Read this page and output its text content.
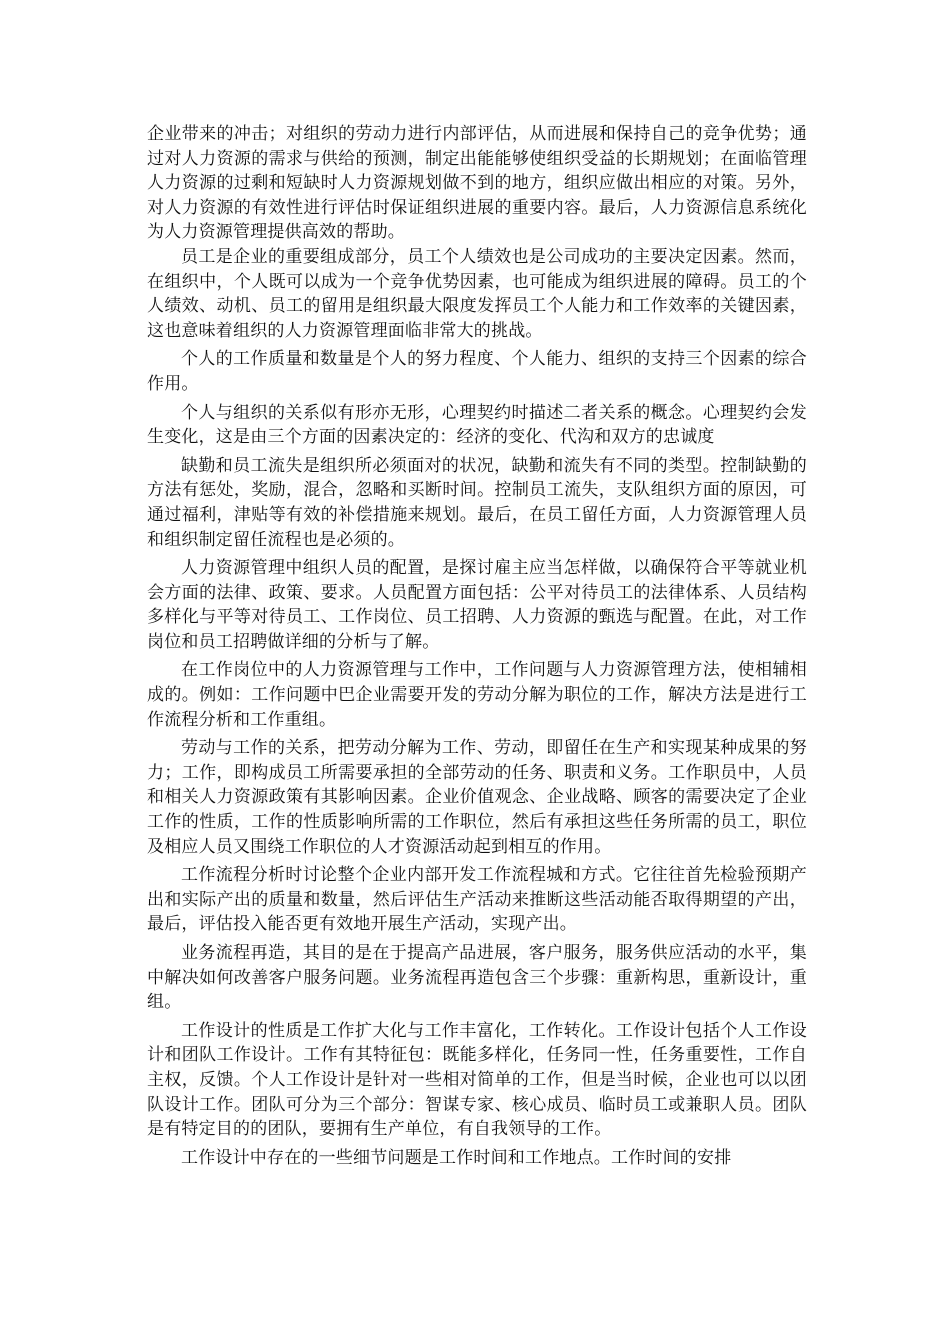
企业带来的冲击；对组织的劳动力进行内部评估，从而进展和保持自己的竞争优势；通过对人力资源的需求与供给的预测，制定出能能够使组织受益的长期规划；在面临管理人力资源的过剩和短缺时人力资源规划做不到的地方，组织应做出相应的对策。另外，对人力资源的有效性进行评估时保证组织进展的重要内容。最后，人力资源信息系统化为人力资源管理提供高效的帮助。

员工是企业的重要组成部分，员工个人绩效也是公司成功的主要决定因素。然而，在组织中，个人既可以成为一个竞争优势因素，也可能成为组织进展的障碍。员工的个人绩效、动机、员工的留用是组织最大限度发挥员工个人能力和工作效率的关键因素，这也意味着组织的人力资源管理面临非常大的挑战。

个人的工作质量和数量是个人的努力程度、个人能力、组织的支持三个因素的综合作用。

个人与组织的关系似有形亦无形，心理契约时描述二者关系的概念。心理契约会发生变化，这是由三个方面的因素决定的：经济的变化、代沟和双方的忠诚度

缺勤和员工流失是组织所必须面对的状况，缺勤和流失有不同的类型。控制缺勤的方法有惩处，奖励，混合，忽略和买断时间。控制员工流失，支队组织方面的原因，可通过福利，津贴等有效的补偿措施来规划。最后，在员工留任方面，人力资源管理人员和组织制定留任流程也是必须的。

人力资源管理中组织人员的配置，是探讨雇主应当怎样做，以确保符合平等就业机会方面的法律、政策、要求。人员配置方面包括：公平对待员工的法律体系、人员结构多样化与平等对待员工、工作岗位、员工招聘、人力资源的甄选与配置。在此，对工作岗位和员工招聘做详细的分析与了解。

在工作岗位中的人力资源管理与工作中，工作问题与人力资源管理方法，使相辅相成的。例如：工作问题中巴企业需要开发的劳动分解为职位的工作，解决方法是进行工作流程分析和工作重组。

劳动与工作的关系，把劳动分解为工作、劳动，即留任在生产和实现某种成果的努力；工作，即构成员工所需要承担的全部劳动的任务、职责和义务。工作职员中，人员和相关人力资源政策有其影响因素。企业价值观念、企业战略、顾客的需要决定了企业工作的性质，工作的性质影响所需的工作职位，然后有承担这些任务所需的员工，职位及相应人员又围绕工作职位的人才资源活动起到相互的作用。

工作流程分析时讨论整个企业内部开发工作流程城和方式。它往往首先检验预期产出和实际产出的质量和数量，然后评估生产活动来推断这些活动能否取得期望的产出，最后，评估投入能否更有效地开展生产活动，实现产出。

业务流程再造，其目的是在于提高产品进展，客户服务，服务供应活动的水平，集中解决如何改善客户服务问题。业务流程再造包含三个步骤：重新构思，重新设计，重组。

工作设计的性质是工作扩大化与工作丰富化，工作转化。工作设计包括个人工作设计和团队工作设计。工作有其特征包：既能多样化，任务同一性，任务重要性，工作自主权，反馈。个人工作设计是针对一些相对简单的工作，但是当时候，企业也可以以团队设计工作。团队可分为三个部分：智谋专家、核心成员、临时员工或兼职人员。团队是有特定目的的团队，要拥有生产单位，有自我领导的工作。

工作设计中存在的一些细节问题是工作时间和工作地点。工作时间的安排
